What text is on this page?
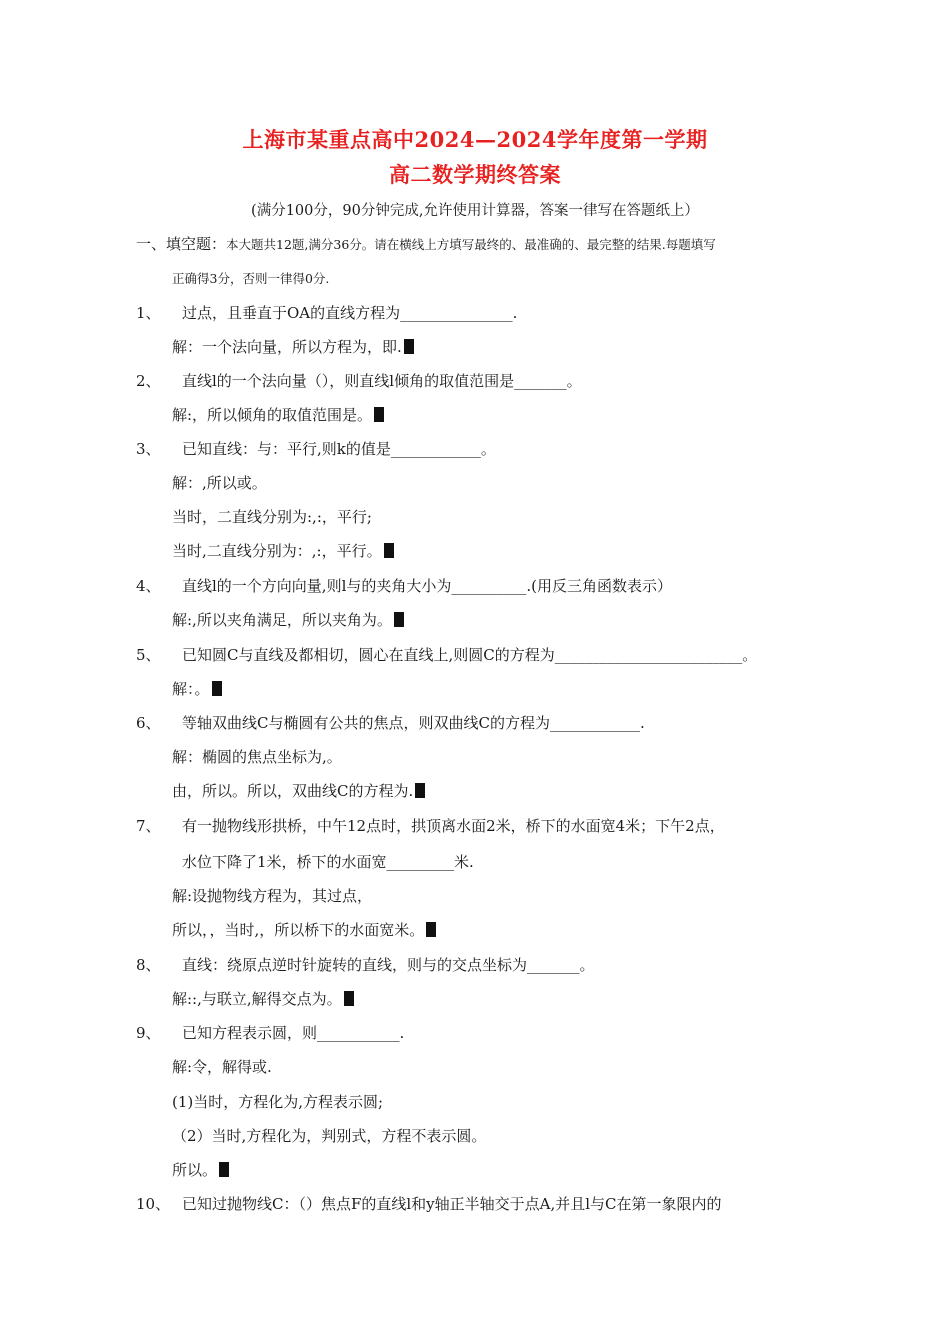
上海市某重点高中2024—2024学年度第一学期
高二数学期终答案
(满分100分，90分钟完成,允许使用计算器，答案一律写在答题纸上）
一、填空题：本大题共12题,满分36分。请在横线上方填写最终的、最准确的、最完整的结果.每题填写
正确得3分，否则一律得0分.
1、 过点，且垂直于OA的直线方程为_______________.
解：一个法向量，所以方程为，即.
2、 直线l的一个法向量（），则直线l倾角的取值范围是_______。
解:，所以倾角的取值范围是。
3、 已知直线：与：平行,则k的值是____________。
解：,所以或。
当时，二直线分别为:,:，平行;
当时,二直线分别为：,:，平行。
4、 直线l的一个方向向量,则l与的夹角大小为__________.(用反三角函数表示）
解:,所以夹角满足，所以夹角为。
5、 已知圆C与直线及都相切，圆心在直线上,则圆C的方程为_________________________。
解：。
6、 等轴双曲线C与椭圆有公共的焦点，则双曲线C的方程为____________.
解：椭圆的焦点坐标为,。
由，所以。所以，双曲线C的方程为.
7、 有一抛物线形拱桥，中午12点时，拱顶离水面2米，桥下的水面宽4米；下午2点，
水位下降了1米，桥下的水面宽_________米.
解:设抛物线方程为，其过点，
所以，，当时,，所以桥下的水面宽米。
8、 直线：绕原点逆时针旋转的直线，则与的交点坐标为_______。
解::,与联立,解得交点为。
9、 已知方程表示圆，则___________.
解:令，解得或.
(1)当时，方程化为,方程表示圆;
（2）当时,方程化为，判别式，方程不表示圆。
所以。
10、 已知过抛物线C：（）焦点F的直线l和y轴正半轴交于点A,并且l与C在第一象限内的
